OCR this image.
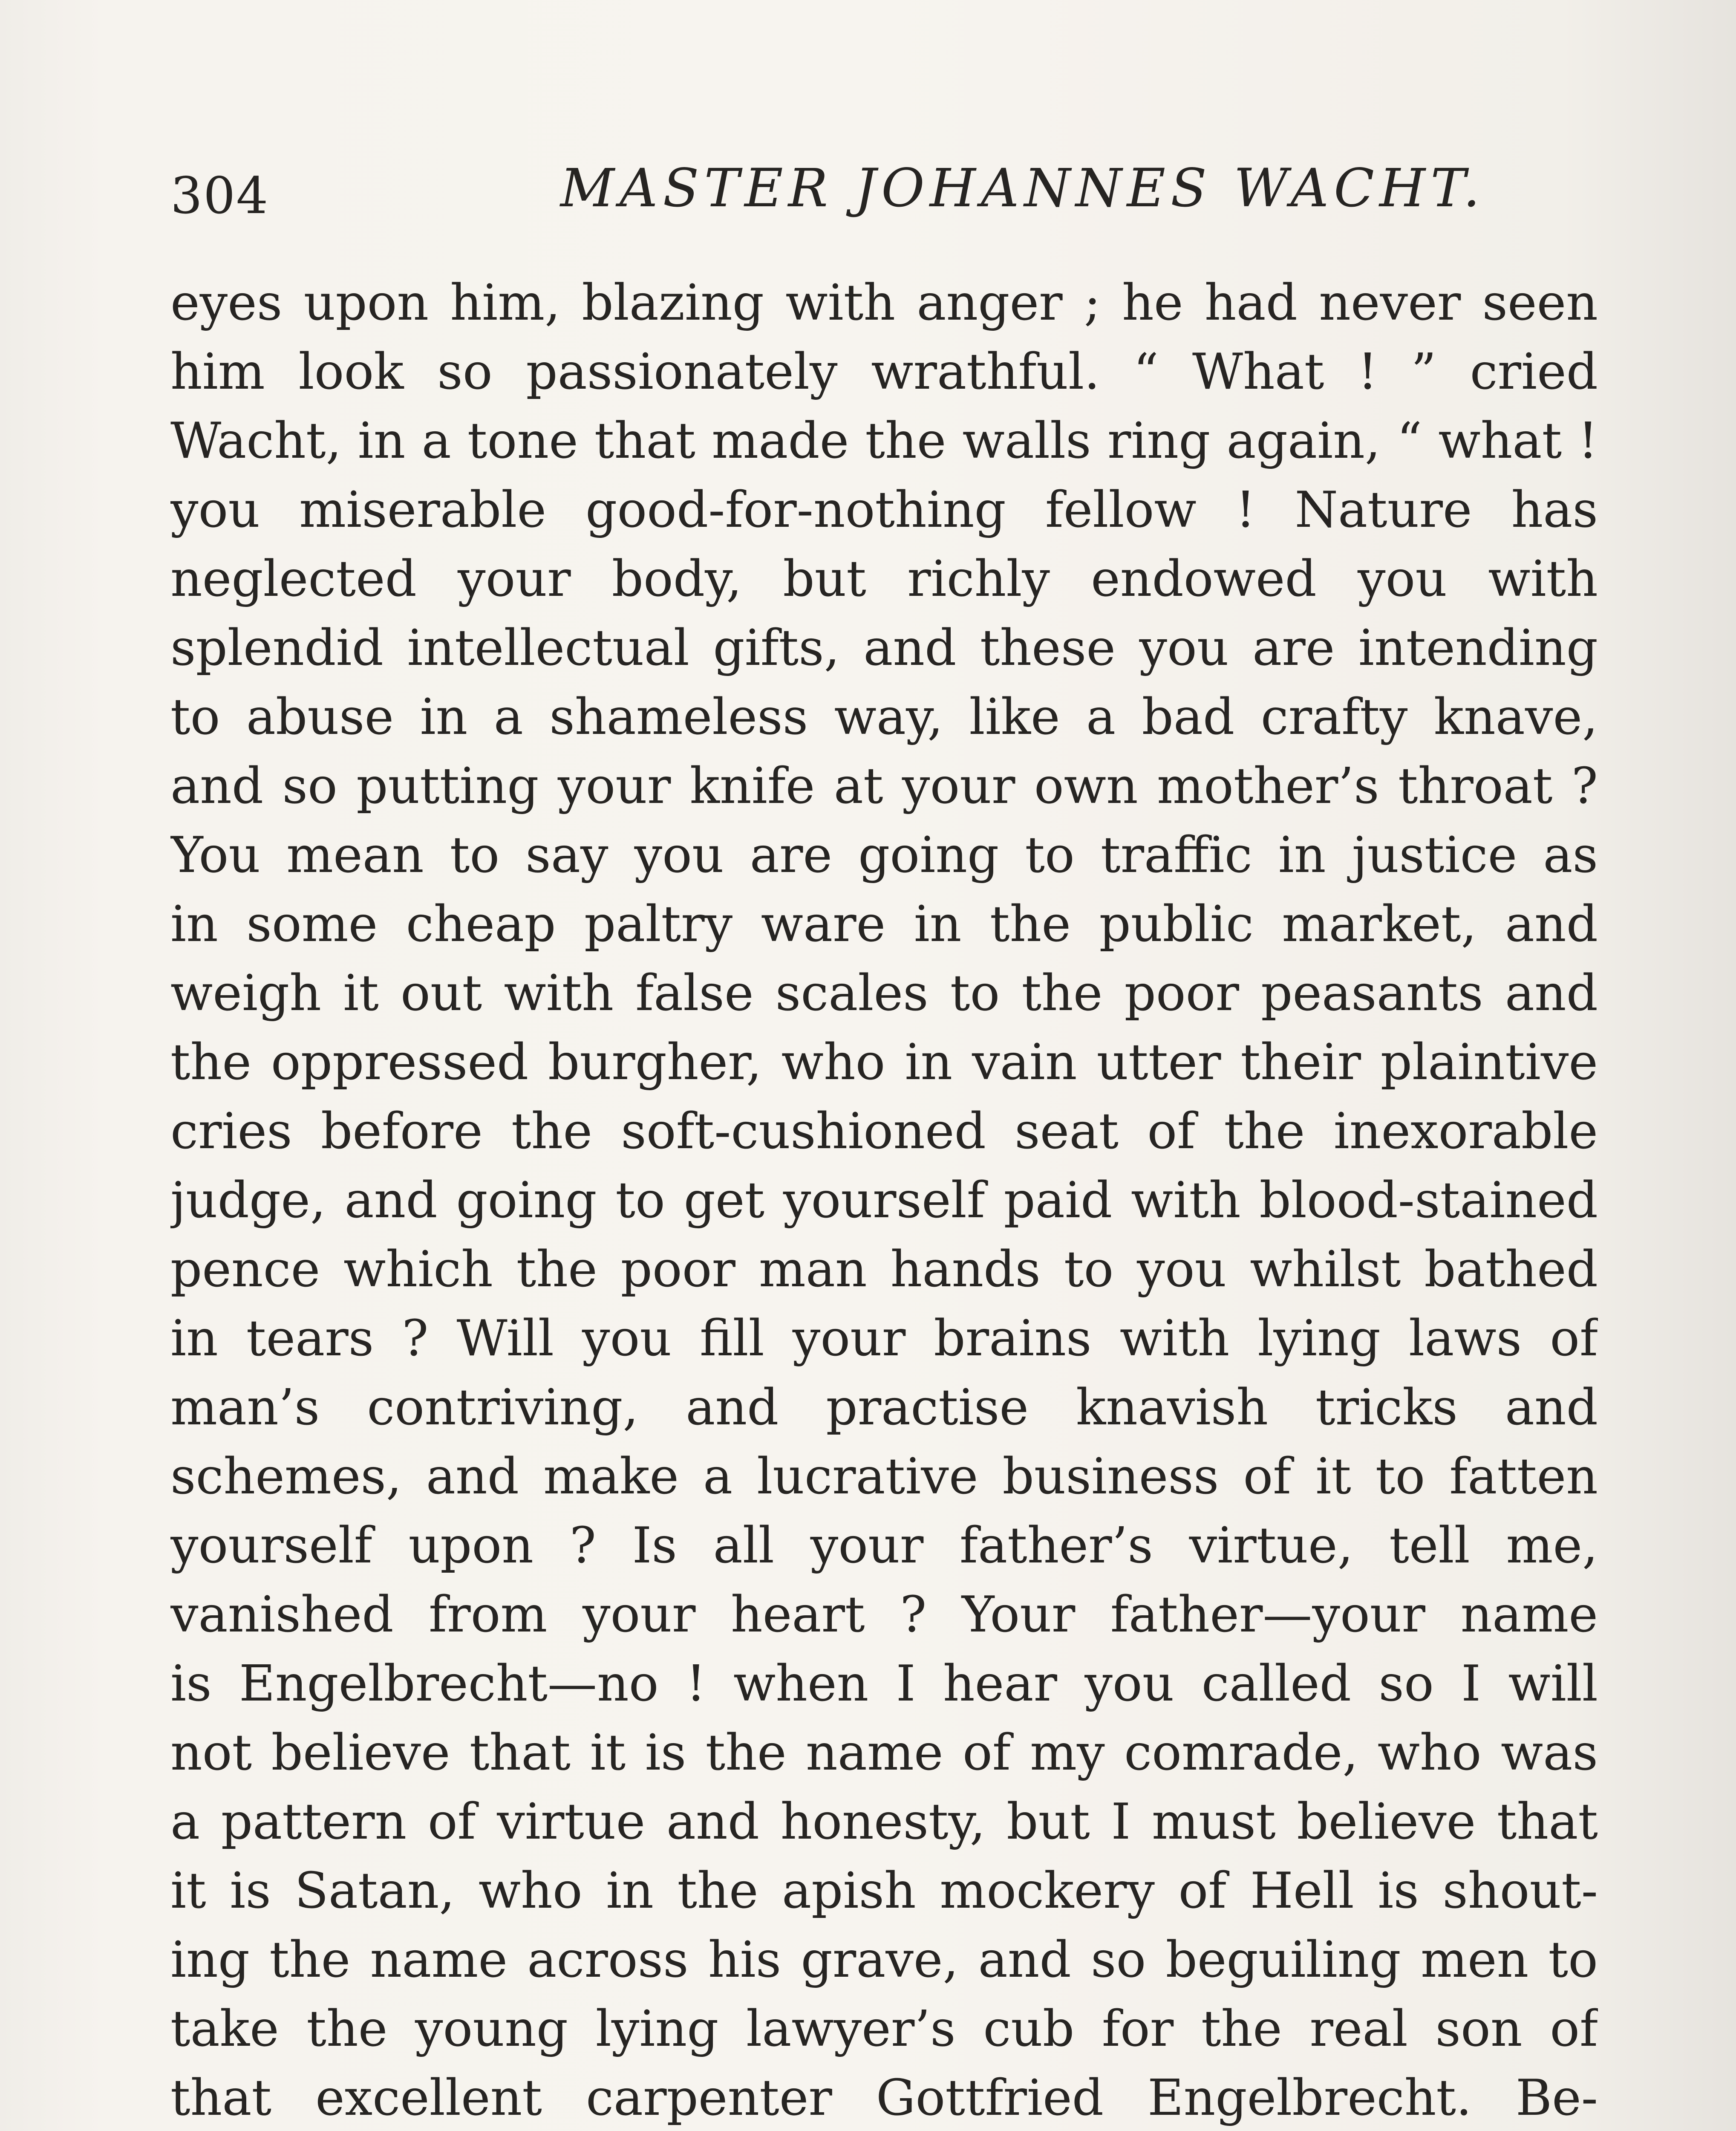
304	MASTER JOHANNES WACHT.
eyes upon him, blazing with anger ; he had never seen
him look so passionately wrathful. “ What ! ” cried
Wacht, in a tone that made the walls ring again, “ what !
you miserable good-for-nothing fellow ! Nature has
neglected your body, but richly endowed you with
splendid intellectual gifts, and these you are intending
to abuse in a shameless way, like a bad crafty knave,
and so putting your knife at your own mother’s throat ?
You mean to say you are going to traffic in justice as
in some cheap paltry ware in the public market, and
weigh it out with false scales to the poor peasants and
the oppressed burgher, who in vain utter their plaintive
cries before the soft-cushioned seat of the inexorable
judge, and going to get yourself paid with blood-stained
pence which the poor man hands to you whilst bathed
in tears ? Will you fill your brains with lying laws of
man’s contriving, and practise knavish tricks and
schemes, and make a lucrative business of it to fatten
yourself upon ? Is all your father’s virtue, tell me,
vanished from your heart ? Your father—your name
is Engelbrecht—no ! when I hear you called so I will
not believe that it is the name of my comrade, who was
a pattern of virtue and honesty, but I must believe that
it is Satan, who in the apish mockery of Hell is shout-
ing the name across his grave, and so beguiling men to
take the young lying lawyer’s cub for the real son of
that excellent carpenter Gottfried Engelbrecht. Be-
